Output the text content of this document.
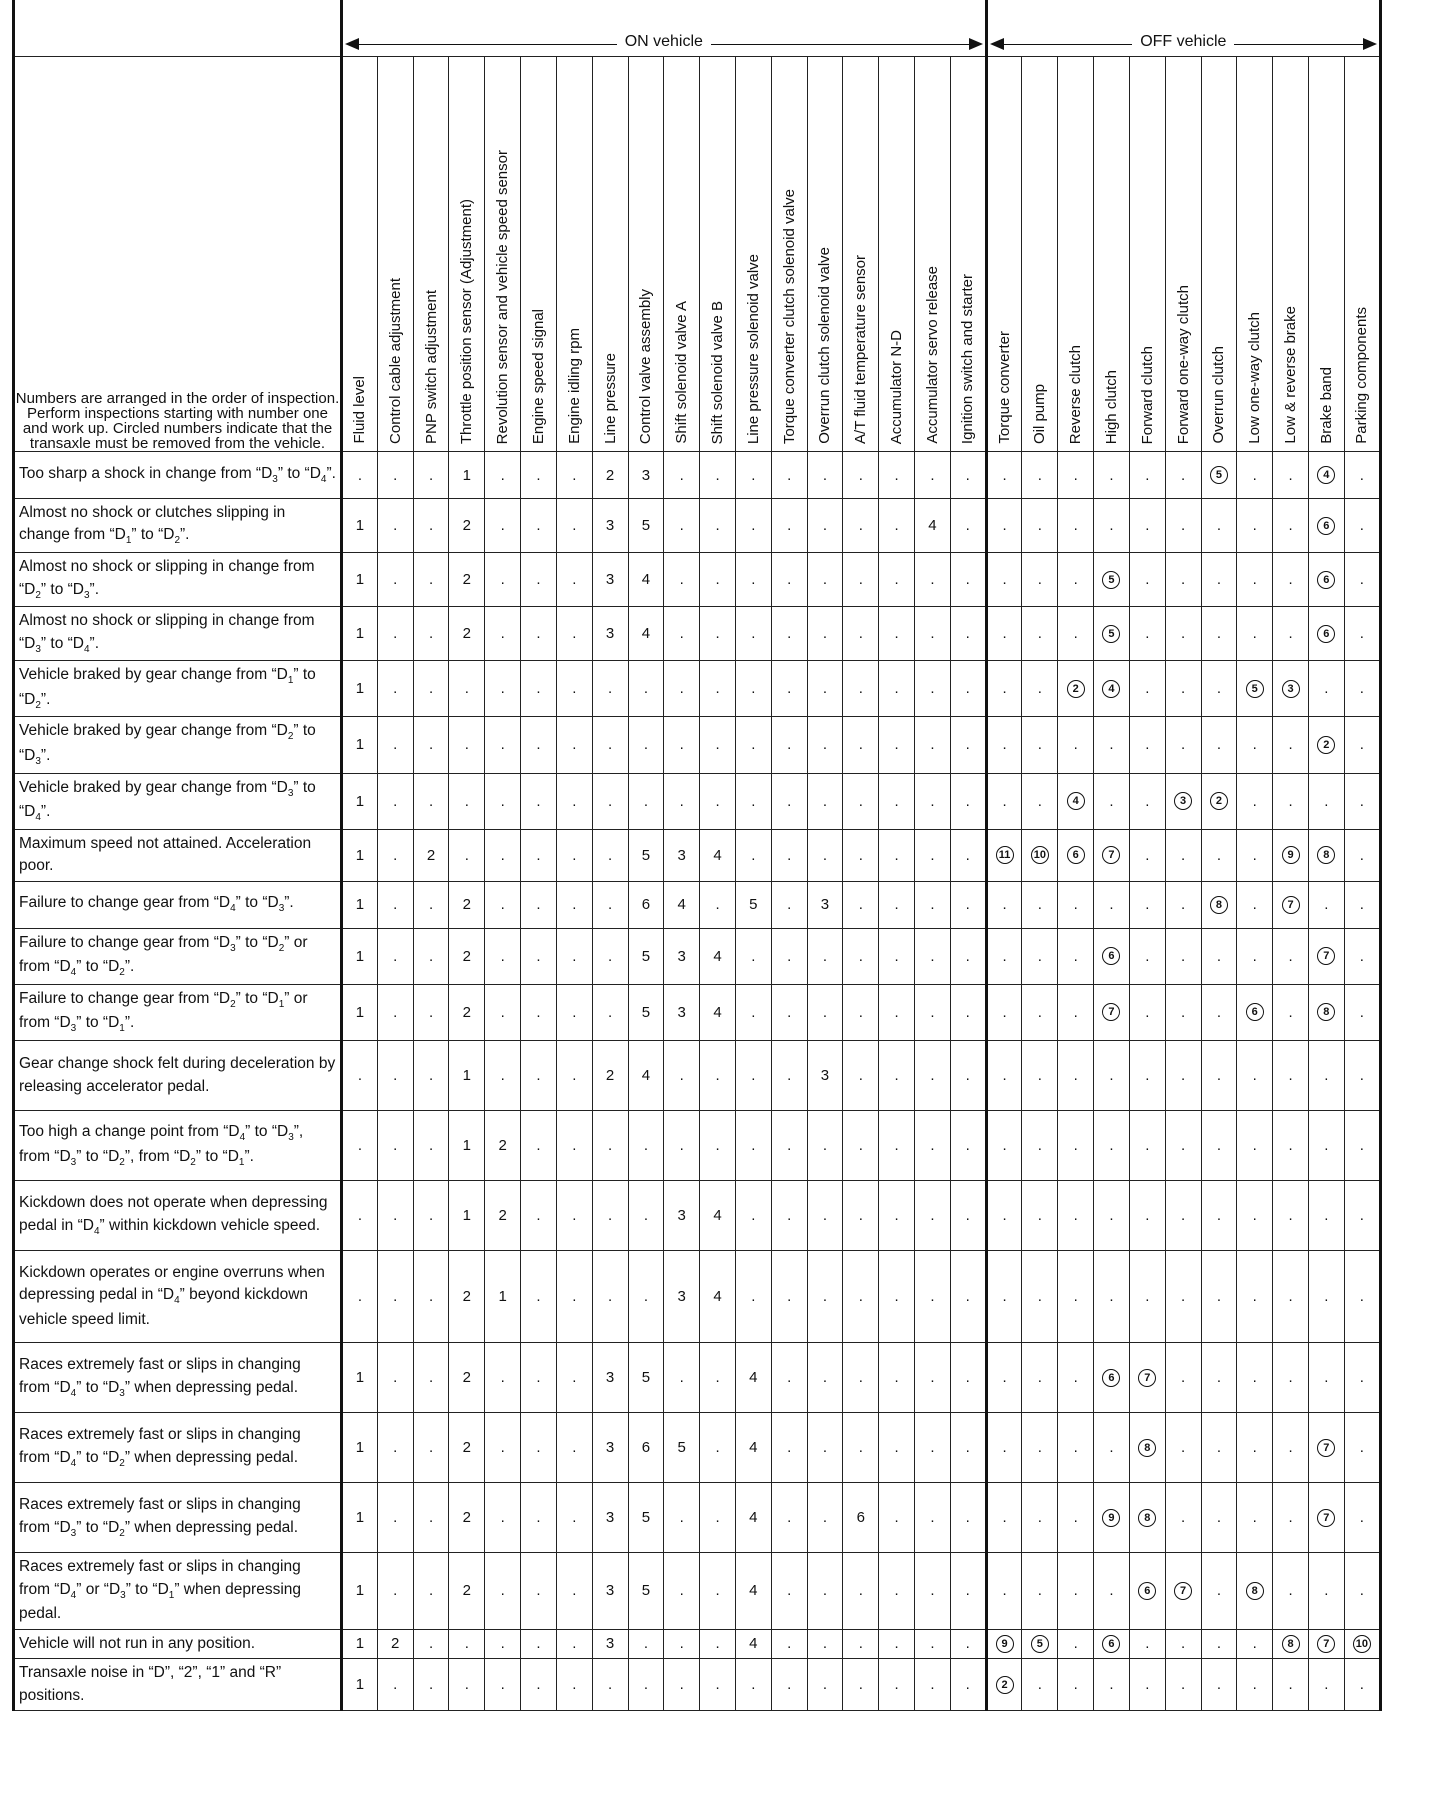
	ON vehicle																		OFF vehicle										

Numbers are arranged in the order of inspection. Perform inspections starting with number one and work up. Circled numbers indicate that the transaxle must be removed from the vehicle.	Fluid level	Control cable adjustment	PNP switch adjustment	Throttle position sensor (Adjustment)	Revolution sensor and vehicle speed sensor	Engine speed signal	Engine idling rpm	Line pressure	Control valve assembly	Shift solenoid valve A	Shift solenoid valve B	Line pressure solenoid valve	Torque converter clutch solenoid valve	Overrun clutch solenoid valve	A/T fluid temperature sensor	Accumulator N-D	Accumulator servo release	Ignition switch and starter	Torque converter	Oil pump	Reverse clutch	High clutch	Forward clutch	Forward one-way clutch	Overrun clutch	Low one-way clutch	Low & reverse brake	Brake band	Parking components
Too sharp a shock in change from “$D_3$” to “$D_4$”.	.	.	.	1	.	.	.	2	3	.	.	.	.	.	.	.	.	.	.	.	.	.	.	.	5	.	.	4	.
Almost no shock or clutches slipping in change from “$D_1$” to “$D_2$”.	1	.	.	2	.	.	.	3	5	.	.	.	.	.	.	.	4	.	.	.	.	.	.	.	.	.	.	6	.
Almost no shock or slipping in change from “$D_2$” to “$D_3$”.	1	.	.	2	.	.	.	3	4	.	.	.	.	.	.	.	.	.	.	.	.	5	.	.	.	.	.	6	.
Almost no shock or slipping in change from “$D_3$” to “$D_4$”.	1	.	.	2	.	.	.	3	4	.	.	.	.	.	.	.	.	.	.	.	.	5	.	.	.	.	.	6	.
Vehicle braked by gear change from “$D_1$” to “$D_2$”.	1	.	.	.	.	.	.	.	.	.	.	.	.	.	.	.	.	.	.	.	2	4	.	.	.	5	3	.	.
Vehicle braked by gear change from “$D_2$” to “$D_3$”.	1	.	.	.	.	.	.	.	.	.	.	.	.	.	.	.	.	.	.	.	.	.	.	.	.	.	.	2	.
Vehicle braked by gear change from “$D_3$” to “$D_4$”.	1	.	.	.	.	.	.	.	.	.	.	.	.	.	.	.	.	.	.	.	4	.	.	3	2	.	.	.	.
Maximum speed not attained. Acceleration poor.	1	.	2	.	.	.	.	.	5	3	4	.	.	.	.	.	.	.	11	10	6	7	.	.	.	.	9	8	.
Failure to change gear from “$D_4$” to “$D_3$”.	1	.	.	2	.	.	.	.	6	4	.	5	.	3	.	.	.	.	.	.	.	.	.	.	8	.	7	.	.
Failure to change gear from “$D_3$” to “$D_2$” or from “$D_4$” to “$D_2$”.	1	.	.	2	.	.	.	.	5	3	4	.	.	.	.	.	.	.	.	.	.	6	.	.	.	.	.	7	.
Failure to change gear from “$D_2$” to “$D_1$” or from “$D_3$” to “$D_1$”.	1	.	.	2	.	.	.	.	5	3	4	.	.	.	.	.	.	.	.	.	.	7	.	.	.	6	.	8	.
Gear change shock felt during deceleration by releasing accelerator pedal.	.	.	.	1	.	.	.	2	4	.	.	.	.	3	.	.	.	.	.	.	.	.	.	.	.	.	.	.	.
Too high a change point from “$D_4$” to “$D_3$”, from “$D_3$” to “$D_2$”, from “$D_2$” to “$D_1$”.	.	.	.	1	2	.	.	.	.	.	.	.	.	.	.	.	.	.	.	.	.	.	.	.	.	.	.	.	.
Kickdown does not operate when depressing pedal in “$D_4$” within kickdown vehicle speed.	.	.	.	1	2	.	.	.	.	3	4	.	.	.	.	.	.	.	.	.	.	.	.	.	.	.	.	.	.
Kickdown operates or engine overruns when depressing pedal in “$D_4$” beyond kickdown vehicle speed limit.	.	.	.	2	1	.	.	.	.	3	4	.	.	.	.	.	.	.	.	.	.	.	.	.	.	.	.	.	.
Races extremely fast or slips in changing from “$D_4$” to “$D_3$” when depressing pedal.	1	.	.	2	.	.	.	3	5	.	.	4	.	.	.	.	.	.	.	.	.	6	7	.	.	.	.	.	.
Races extremely fast or slips in changing from “$D_4$” to “$D_2$” when depressing pedal.	1	.	.	2	.	.	.	3	6	5	.	4	.	.	.	.	.	.	.	.	.	.	8	.	.	.	.	7	.
Races extremely fast or slips in changing from “$D_3$” to “$D_2$” when depressing pedal.	1	.	.	2	.	.	.	3	5	.	.	4	.	.	6	.	.	.	.	.	.	9	8	.	.	.	.	7	.
Races extremely fast or slips in changing from “$D_4$” or “$D_3$” to “$D_1$” when depressing pedal.	1	.	.	2	.	.	.	3	5	.	.	4	.	.	.	.	.	.	.	.	.	.	6	7	.	8	.	.	.
Vehicle will not run in any position.	1	2	.	.	.	.	.	3	.	.	.	4	.	.	.	.	.	.	9	5	.	6	.	.	.	.	8	7	10
Transaxle noise in “D”, “2”, “1” and “R” positions.	1	.	.	.	.	.	.	.	.	.	.	.	.	.	.	.	.	.	2	.	.	.	.	.	.	.	.	.	.
